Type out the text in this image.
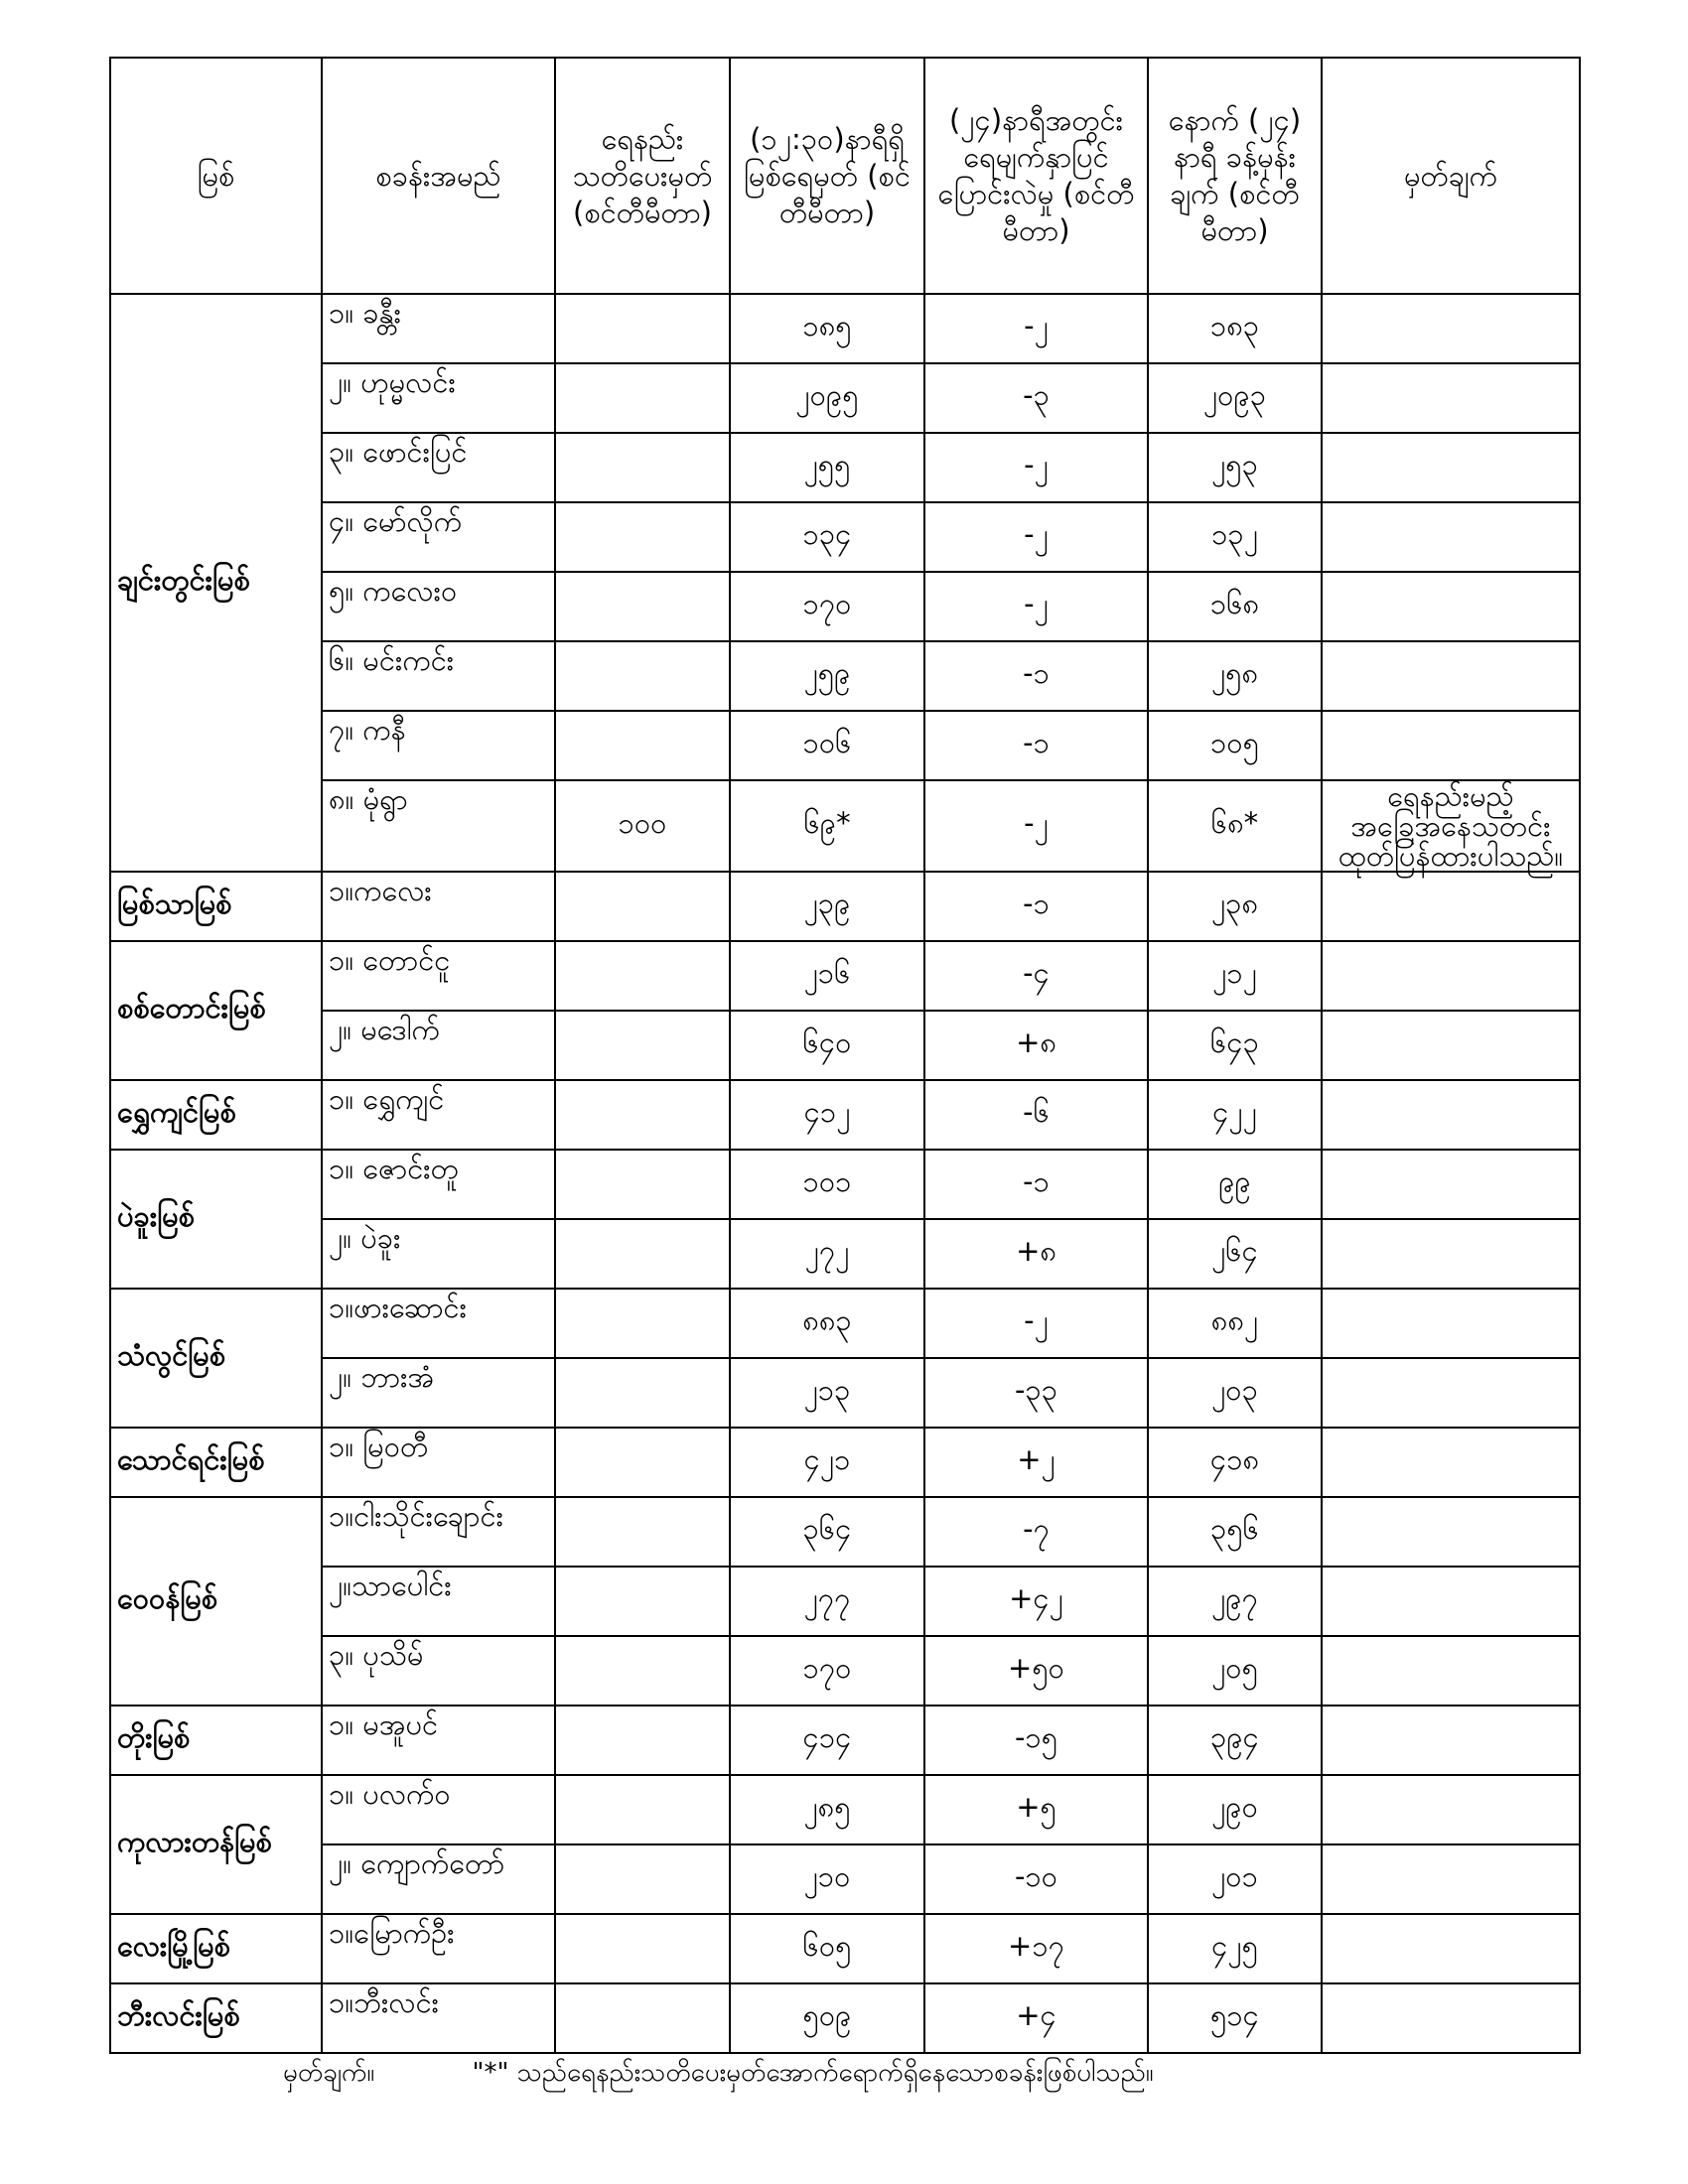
မြစ်	စခန်းအမည်	ရေနည်း သတိပေးမှတ် (စင်တီမီတာ)	(၁၂:၃၀)နာရီရှိ မြစ်ရေမှတ် (စင်တီမီတာ)	(၂၄)နာရီအတွင်း ရေမျက်နှာပြင် ပြောင်းလဲမှု (စင်တီမီတာ)	နောက် (၂၄) နာရီ ခန့်မှန်းချက် (စင်တီမီတာ)	မှတ်ချက်
ချင်းတွင်းမြစ်	၁။ ခန္တီး		၁၈၅	-၂	၁၈၃	
	၂။ ဟုမ္မလင်း		၂၀၉၅	-၃	၂၀၉၃	
	၃။ ဖောင်းပြင်		၂၅၅	-၂	၂၅၃	
	၄။ မော်လိုက်		၁၃၄	-၂	၁၃၂	
	၅။ ကလေးဝ		၁၇၀	-၂	၁၆၈	
	၆။ မင်းကင်း		၂၅၉	-၁	၂၅၈	
	၇။ ကနီ		၁၀၆	-၁	၁၀၅	
	၈။ မုံရွာ	၁၀၀	၆၉*	-၂	၆၈*	ရေနည်းမည့်အခြေအနေသတင်း ထုတ်ပြန်ထားပါသည်။
မြစ်သာမြစ်	၁။ကလေး		၂၃၉	-၁	၂၃၈	
စစ်တောင်းမြစ်	၁။ တောင်ငူ		၂၁၆	-၄	၂၁၂	
	၂။ မဒေါက်		၆၄၀	+၈	၆၄၃	
ရွှေကျင်မြစ်	၁။ ရွှေကျင်		၄၁၂	-၆	၄၂၂	
ပဲခူးမြစ်	၁။ ဇောင်းတူ		၁၀၁	-၁	၉၉	
	၂။ ပဲခူး		၂၇၂	+၈	၂၆၄	
သံလွင်မြစ်	၁။ဖားဆောင်း		၈၈၃	-၂	၈၈၂	
	၂။ ဘားအံ		၂၁၃	-၃၃	၂၀၃	
သောင်ရင်းမြစ်	၁။ မြဝတီ		၄၂၁	+၂	၄၁၈	
ဝေဝန်မြစ်	၁။ငါးသိုင်းချောင်း		၃၆၄	-၇	၃၅၆	
	၂။သာပေါင်း		၂၇၇	+၄၂	၂၉၇	
	၃။ ပုသိမ်		၁၇၀	+၅၀	၂၀၅	
တိုးမြစ်	၁။ မအူပင်		၄၁၄	-၁၅	၃၉၄	
ကုလားတန်မြစ်	၁။ ပလက်ဝ		၂၈၅	+၅	၂၉၀	
	၂။ ကျောက်တော်		၂၁၀	-၁၀	၂၀၁	
လေးမြို့မြစ်	၁။မြောက်ဦး		၆၀၅	+၁၇	၄၂၅	
ဘီးလင်းမြစ်	၁။ဘီးလင်း		၅၀၉	+၄	၅၁၄	
မှတ်ချက်။	"*" သည်ရေနည်းသတိပေးမှတ်အောက်ရောက်ရှိနေသောစခန်းဖြစ်ပါသည်။
